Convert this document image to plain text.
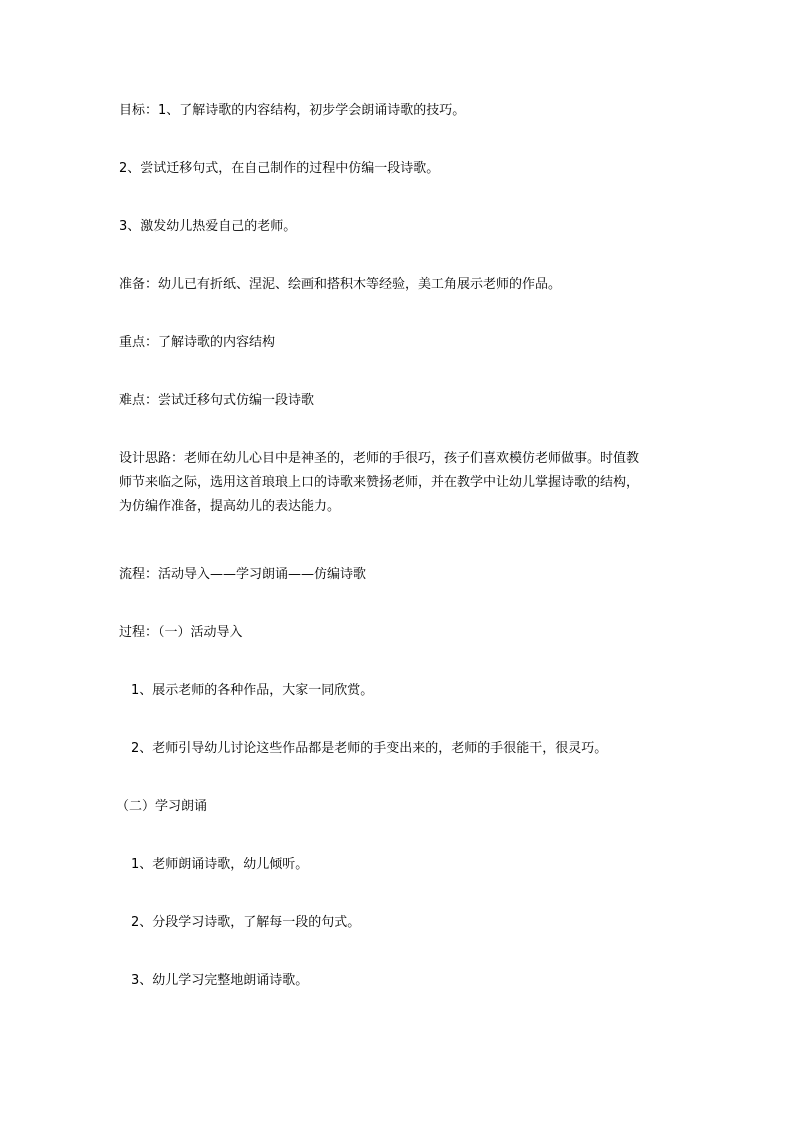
目标：1、了解诗歌的内容结构，初步学会朗诵诗歌的技巧。
2、尝试迁移句式，在自己制作的过程中仿编一段诗歌。
3、激发幼儿热爱自己的老师。
准备：幼儿已有折纸、涅泥、绘画和搭积木等经验，美工角展示老师的作品。
重点：了解诗歌的内容结构
难点：尝试迁移句式仿编一段诗歌
设计思路：老师在幼儿心目中是神圣的，老师的手很巧，孩子们喜欢模仿老师做事。时值教
师节来临之际，选用这首琅琅上口的诗歌来赞扬老师，并在教学中让幼儿掌握诗歌的结构，
为仿编作准备，提高幼儿的表达能力。
流程：活动导入——学习朗诵——仿编诗歌
过程：（一）活动导入
1、展示老师的各种作品，大家一同欣赏。
2、老师引导幼儿讨论这些作品都是老师的手变出来的，老师的手很能干，很灵巧。
（二）学习朗诵
1、老师朗诵诗歌，幼儿倾听。
2、分段学习诗歌，了解每一段的句式。
3、幼儿学习完整地朗诵诗歌。
